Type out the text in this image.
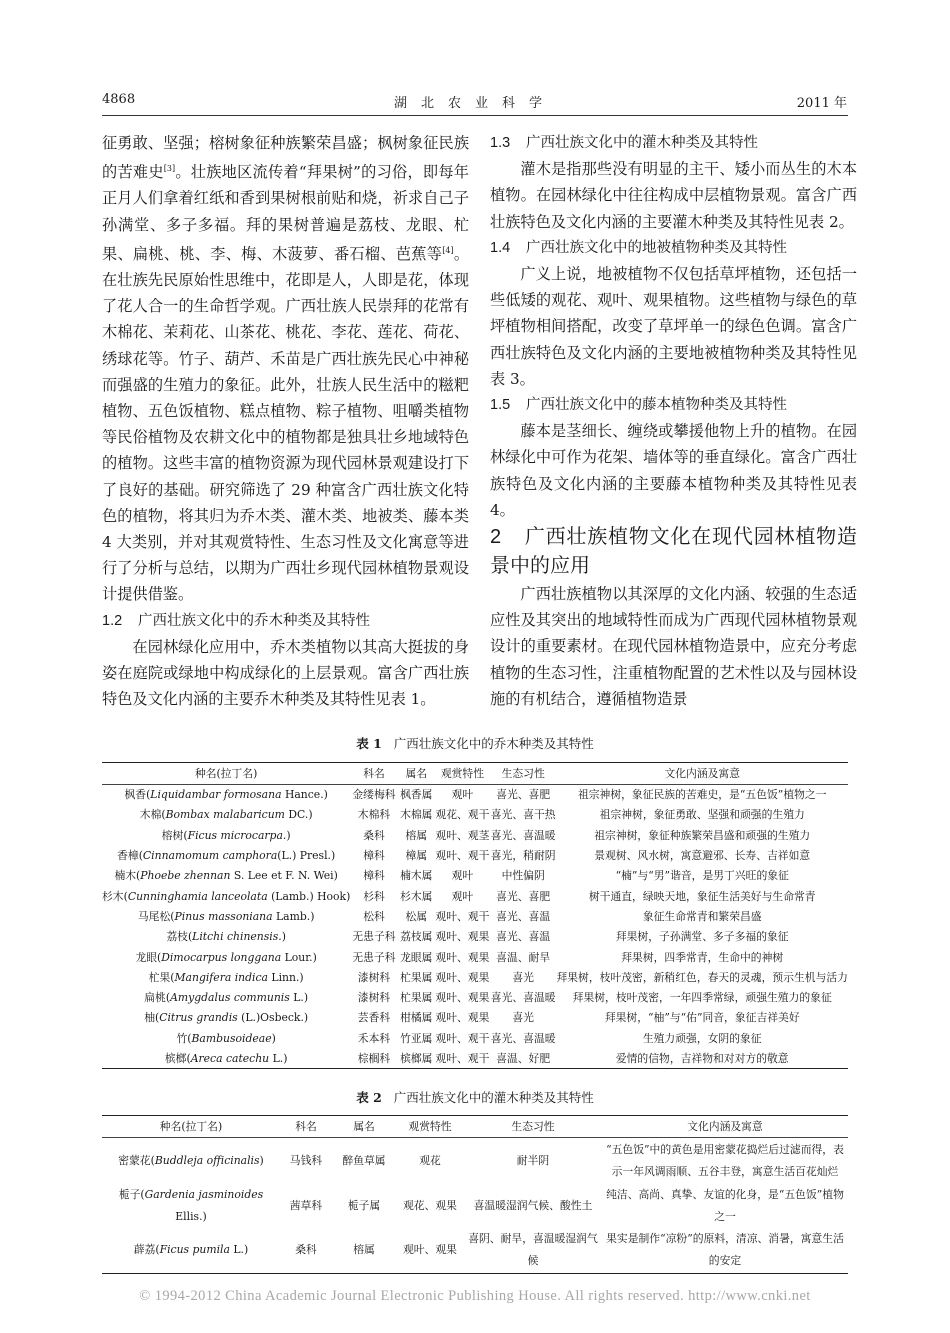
4868	湖北农业科学	2011 年

征勇敢、坚强；榕树象征种族繁荣昌盛；枫树象征民族的苦难史[3]。壮族地区流传着“拜果树”的习俗，即每年正月人们拿着红纸和香到果树根前贴和烧，祈求自己子孙满堂、多子多福。拜的果树普遍是荔枝、龙眼、杧果、扁桃、桃、李、梅、木菠萝、番石榴、芭蕉等[4]。在壮族先民原始性思维中，花即是人，人即是花，体现了花人合一的生命哲学观。广西壮族人民崇拜的花常有木棉花、茉莉花、山茶花、桃花、李花、莲花、荷花、绣球花等。竹子、葫芦、禾苗是广西壮族先民心中神秘而强盛的生殖力的象征。此外，壮族人民生活中的糍粑植物、五色饭植物、糕点植物、粽子植物、咀嚼类植物等民俗植物及农耕文化中的植物都是独具壮乡地域特色的植物。这些丰富的植物资源为现代园林景观建设打下了良好的基础。研究筛选了 29 种富含广西壮族文化特色的植物，将其归为乔木类、灌木类、地被类、藤本类 4 大类别，并对其观赏特性、生态习性及文化寓意等进行了分析与总结，以期为广西壮乡现代园林植物景观设计提供借鉴。

1.2 广西壮族文化中的乔木种类及其特性

在园林绿化应用中，乔木类植物以其高大挺拔的身姿在庭院或绿地中构成绿化的上层景观。富含广西壮族特色及文化内涵的主要乔木种类及其特性见表 1。

1.3 广西壮族文化中的灌木种类及其特性

灌木是指那些没有明显的主干、矮小而丛生的木本植物。在园林绿化中往往构成中层植物景观。富含广西壮族特色及文化内涵的主要灌木种类及其特性见表 2。

1.4 广西壮族文化中的地被植物种类及其特性

广义上说，地被植物不仅包括草坪植物，还包括一些低矮的观花、观叶、观果植物。这些植物与绿色的草坪植物相间搭配，改变了草坪单一的绿色色调。富含广西壮族特色及文化内涵的主要地被植物种类及其特性见表 3。

1.5 广西壮族文化中的藤本植物种类及其特性

藤本是茎细长、缠绕或攀援他物上升的植物。在园林绿化中可作为花架、墙体等的垂直绿化。富含广西壮族特色及文化内涵的主要藤本植物种类及其特性见表 4。

2 广西壮族植物文化在现代园林植物造景中的应用

广西壮族植物以其深厚的文化内涵、较强的生态适应性及其突出的地域特性而成为广西现代园林植物景观设计的重要素材。在现代园林植物造景中，应充分考虑植物的生态习性，注重植物配置的艺术性以及与园林设施的有机结合，遵循植物造景

表 1 广西壮族文化中的乔木种类及其特性
种名(拉丁名)	科名	属名	观赏特性	生态习性	文化内涵及寓意
枫香(Liquidambar formosana Hance.)	金缕梅科	枫香属	观叶	喜光、喜肥	祖宗神树，象征民族的苦难史，是“五色饭”植物之一
木棉(Bombax malabaricum DC.)	木棉科	木棉属	观花、观干	喜光、喜干热	祖宗神树，象征勇敢、坚强和顽强的生殖力
榕树(Ficus microcarpa.)	桑科	榕属	观叶、观茎	喜光、喜温暖	祖宗神树，象征种族繁荣昌盛和顽强的生殖力
香樟(Cinnamomum camphora(L.) Presl.)	樟科	樟属	观叶、观干	喜光，稍耐阴	景观树、风水树，寓意避邪、长寿、吉祥如意
楠木(Phoebe zhennan S. Lee et F. N. Wei)	樟科	楠木属	观叶	中性偏阴	“楠”与“男”谐音，是男丁兴旺的象征
杉木(Cunninghamia lanceolata (Lamb.) Hook)	杉科	杉木属	观叶	喜光、喜肥	树干通直，绿映天地，象征生活美好与生命常青
马尾松(Pinus massoniana Lamb.)	松科	松属	观叶、观干	喜光、喜温	象征生命常青和繁荣昌盛
荔枝(Litchi chinensis.)	无患子科	荔枝属	观叶、观果	喜光、喜温	拜果树，子孙满堂、多子多福的象征
龙眼(Dimocarpus longgana Lour.)	无患子科	龙眼属	观叶、观果	喜温、耐旱	拜果树，四季常青，生命中的神树
杧果(Mangifera indica Linn.)	漆树科	杧果属	观叶、观果	喜光	拜果树，枝叶茂密，新稍红色，春天的灵魂，预示生机与活力
扁桃(Amygdalus communis L.)	漆树科	杧果属	观叶、观果	喜光、喜温暖	拜果树，枝叶茂密，一年四季常绿，顽强生殖力的象征
柚(Citrus grandis (L.)Osbeck.)	芸香科	柑橘属	观叶、观果	喜光	拜果树，“柚”与“佑”同音，象征吉祥美好
竹(Bambusoideae)	禾本科	竹亚属	观叶、观干	喜光、喜温暖	生殖力顽强，女阴的象征
槟榔(Areca catechu L.)	棕榈科	槟榔属	观叶、观干	喜温、好肥	爱情的信物，吉祥物和对对方的敬意
表 2 广西壮族文化中的灌木种类及其特性
种名(拉丁名)	科名	属名	观赏特性	生态习性	文化内涵及寓意
密蒙花(Buddleja officinalis)	马钱科	醉鱼草属	观花	耐半阴	“五色饭”中的黄色是用密蒙花捣烂后过滤而得，表示一年风调雨顺、五谷丰登，寓意生活百花灿烂
栀子(Gardenia jasminoides Ellis.)	茜草科	栀子属	观花、观果	喜温暖湿润气候、酸性土	纯洁、高尚、真挚、友谊的化身，是“五色饭”植物之一
薜荔(Ficus pumila L.)	桑科	榕属	观叶、观果	喜阴、耐旱，喜温暖湿润气候	果实是制作“凉粉”的原料，清凉、消暑，寓意生活的安定
© 1994-2012 China Academic Journal Electronic Publishing House. All rights reserved. http://www.cnki.net
